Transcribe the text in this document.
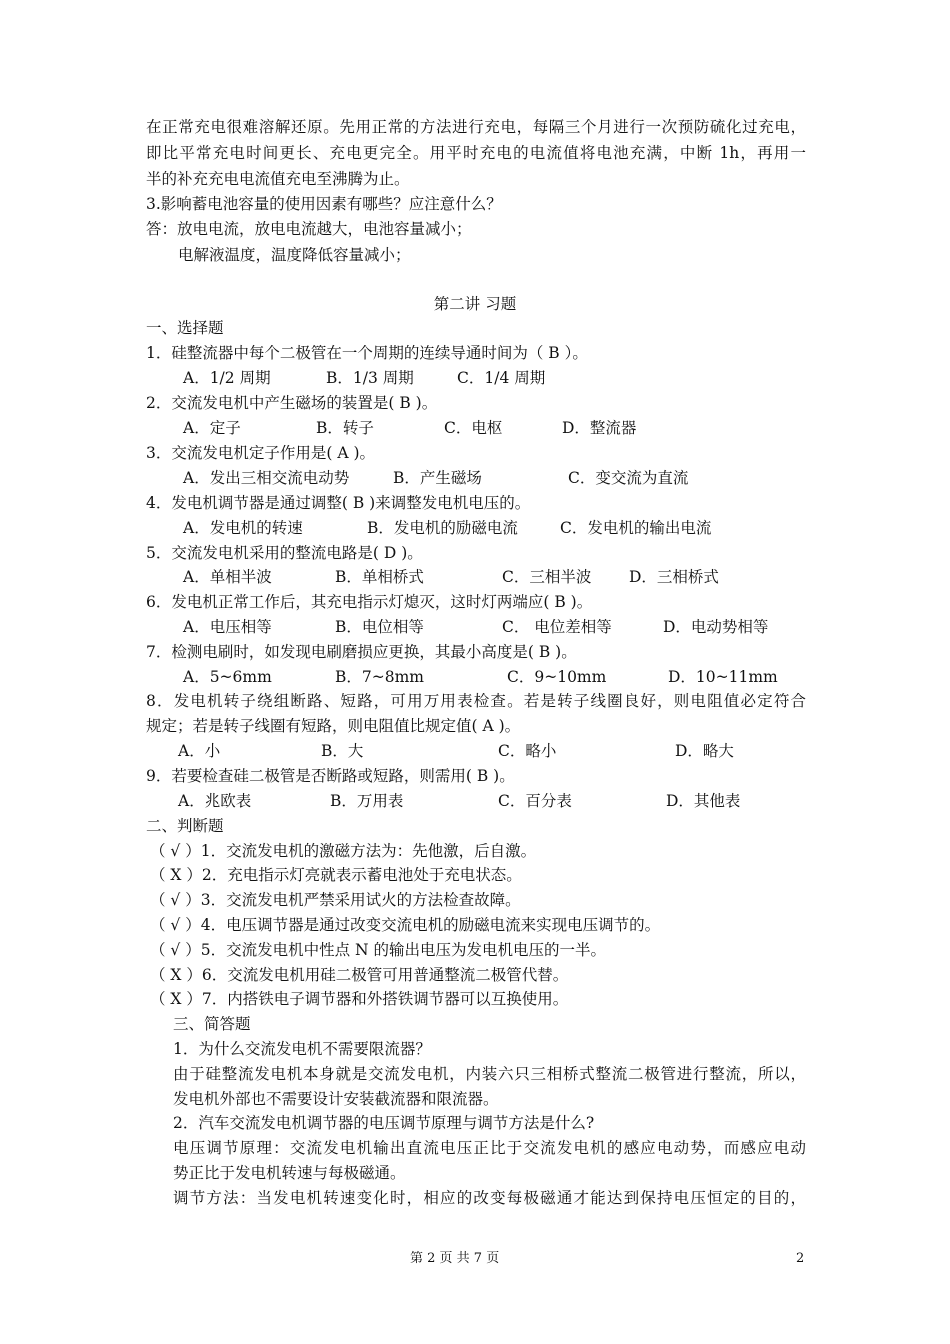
在正常充电很难溶解还原。先用正常的方法进行充电，每隔三个月进行一次预防硫化过充电，
即比平常充电时间更长、充电更完全。用平时充电的电流值将电池充满，中断 1h，再用一
半的补充充电电流值充电至沸腾为止。
3.影响蓄电池容量的使用因素有哪些？应注意什么？
答：放电电流，放电电流越大，电池容量减小；
电解液温度，温度降低容量减小；
第二讲 习题
一、选择题
1．硅整流器中每个二极管在一个周期的连续导通时间为（ B ）。
A．1/2 周期	B．1/3 周期	C．1/4 周期
2．交流发电机中产生磁场的装置是( B )。
A．定子	B．转子	C．电枢	D．整流器
3．交流发电机定子作用是( A )。
A．发出三相交流电动势	B．产生磁场	C．变交流为直流
4．发电机调节器是通过调整( B )来调整发电机电压的。
A．发电机的转速	B．发电机的励磁电流	C．发电机的输出电流
5．交流发电机采用的整流电路是( D )。
A．单相半波	B．单相桥式	C．三相半波 D．三相桥式
6．发电机正常工作后，其充电指示灯熄灭，这时灯两端应( B )。
A．电压相等	B．电位相等	C． 电位差相等	D．电动势相等
7．检测电刷时，如发现电刷磨损应更换，其最小高度是( B )。
A．5~6mm	B．7~8mm	C．9~10mm	D．10~11mm
8．发电机转子绕组断路、短路，可用万用表检查。若是转子线圈良好，则电阻值必定符合
规定；若是转子线圈有短路，则电阻值比规定值( A )。
A．小	B．大	C．略小	D．略大
9．若要检查硅二极管是否断路或短路，则需用( B )。
A．兆欧表	B．万用表	C．百分表	D．其他表
二、判断题
（ √ ）1．交流发电机的激磁方法为：先他激，后自激。
（ X ）2．充电指示灯亮就表示蓄电池处于充电状态。
（ √ ）3．交流发电机严禁采用试火的方法检查故障。
（ √ ）4．电压调节器是通过改变交流电机的励磁电流来实现电压调节的。
（ √ ）5．交流发电机中性点 N 的输出电压为发电机电压的一半。
（ X ）6．交流发电机用硅二极管可用普通整流二极管代替。
（ X ）7．内搭铁电子调节器和外搭铁调节器可以互换使用。
三、简答题
1．为什么交流发电机不需要限流器？
由于硅整流发电机本身就是交流发电机，内装六只三相桥式整流二极管进行整流，所以，
发电机外部也不需要设计安装截流器和限流器。
2．汽车交流发电机调节器的电压调节原理与调节方法是什么?
电压调节原理：交流发电机输出直流电压正比于交流发电机的感应电动势，而感应电动
势正比于发电机转速与每极磁通。
调节方法：当发电机转速变化时，相应的改变每极磁通才能达到保持电压恒定的目的，
第 2 页 共 7 页	2
